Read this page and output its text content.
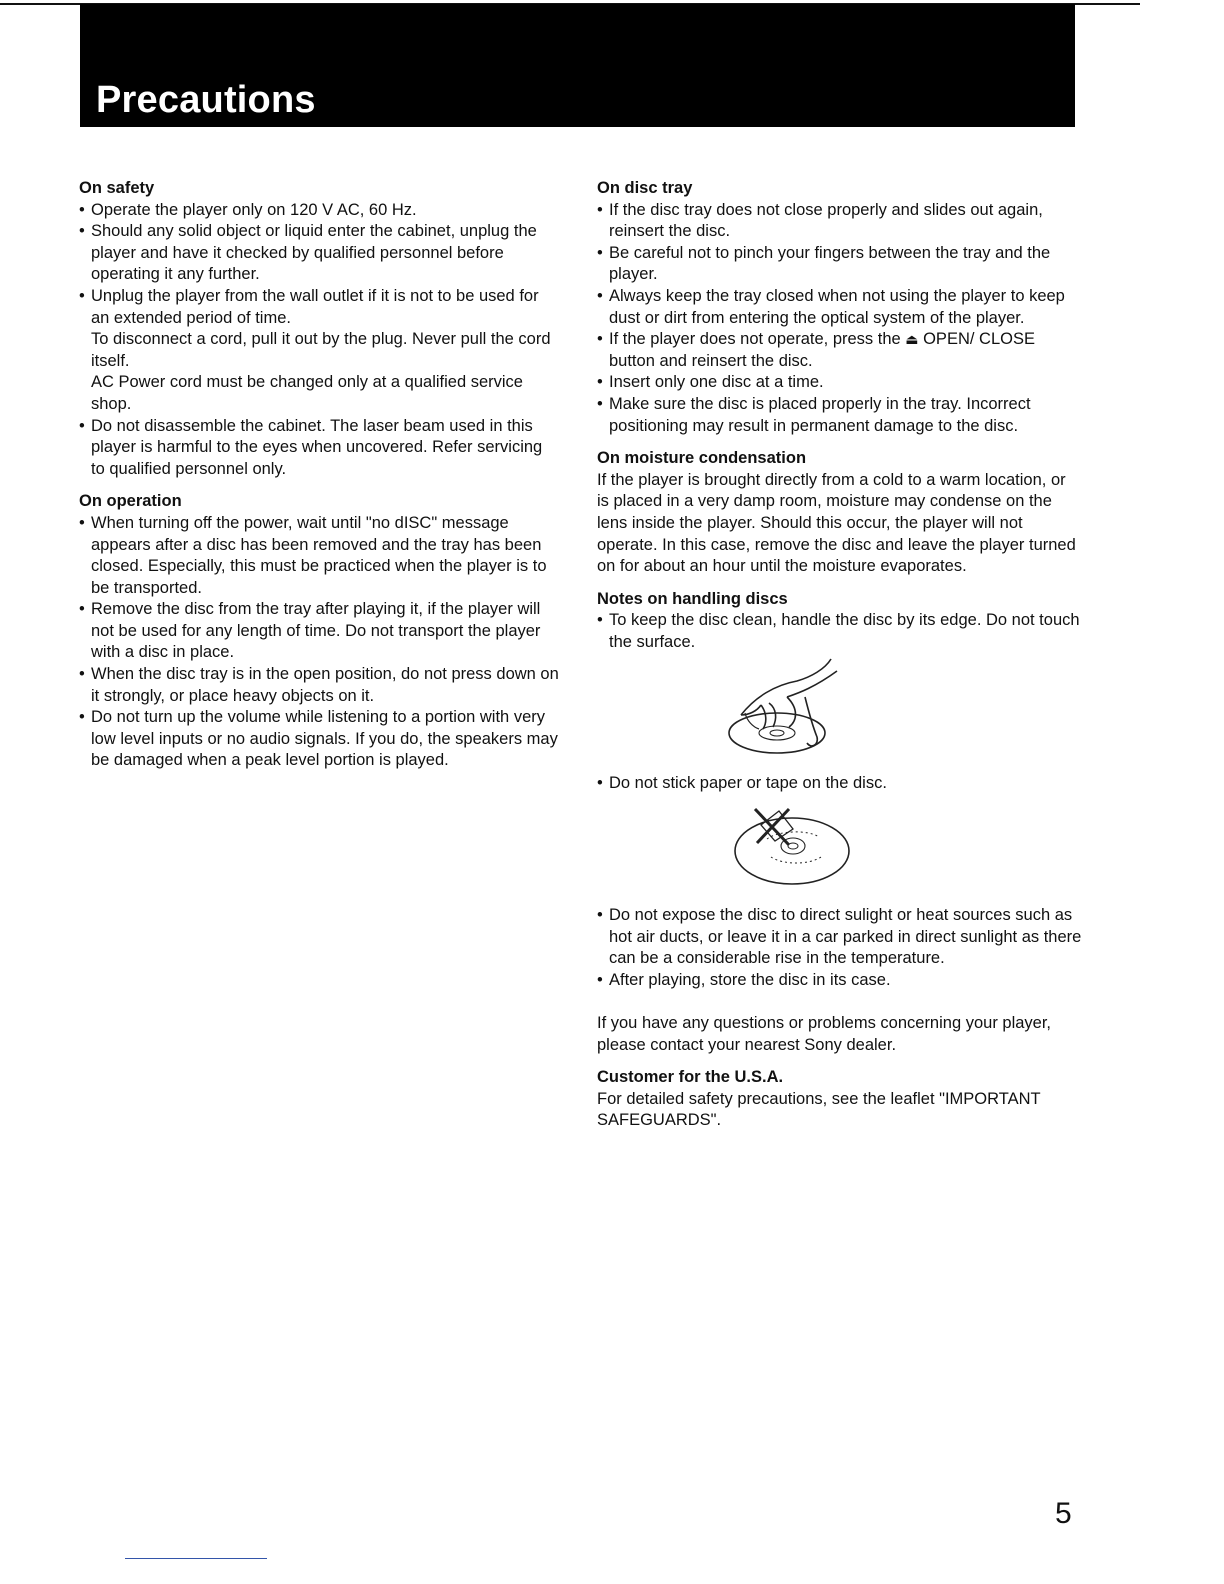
Precautions
On safety
• Operate the player only on 120 V AC, 60 Hz.
• Should any solid object or liquid enter the cabinet, unplug the player and have it checked by qualified personnel before operating it any further.
• Unplug the player from the wall outlet if it is not to be used for an extended period of time.
To disconnect a cord, pull it out by the plug. Never pull the cord itself.
AC Power cord must be changed only at a qualified service shop.
• Do not disassemble the cabinet. The laser beam used in this player is harmful to the eyes when uncovered. Refer servicing to qualified personnel only.
On operation
• When turning off the power, wait until "no dISC" message appears after a disc has been removed and the tray has been closed. Especially, this must be practiced when the player is to be transported.
• Remove the disc from the tray after playing it, if the player will not be used for any length of time. Do not transport the player with a disc in place.
• When the disc tray is in the open position, do not press down on it strongly, or place heavy objects on it.
• Do not turn up the volume while listening to a portion with very low level inputs or no audio signals. If you do, the speakers may be damaged when a peak level portion is played.
On disc tray
• If the disc tray does not close properly and slides out again, reinsert the disc.
• Be careful not to pinch your fingers between the tray and the player.
• Always keep the tray closed when not using the player to keep dust or dirt from entering the optical system of the player.
• If the player does not operate, press the ⏏ OPEN/ CLOSE button and reinsert the disc.
• Insert only one disc at a time.
• Make sure the disc is placed properly in the tray. Incorrect positioning may result in permanent damage to the disc.
On moisture condensation

If the player is brought directly from a cold to a warm location, or is placed in a very damp room, moisture may condense on the lens inside the player. Should this occur, the player will not operate. In this case, remove the disc and leave the player turned on for about an hour until the moisture evaporates.

Notes on handling discs
• To keep the disc clean, handle the disc by its edge. Do not touch the surface.
• Do not stick paper or tape on the disc.
• Do not expose the disc to direct sulight or heat sources such as hot air ducts, or leave it in a car parked in direct sunlight as there can be a considerable rise in the temperature.
• After playing, store the disc in its case.

If you have any questions or problems concerning your player, please contact your nearest Sony dealer.

Customer for the U.S.A.

For detailed safety precautions, see the leaflet "IMPORTANT SAFEGUARDS".

5
